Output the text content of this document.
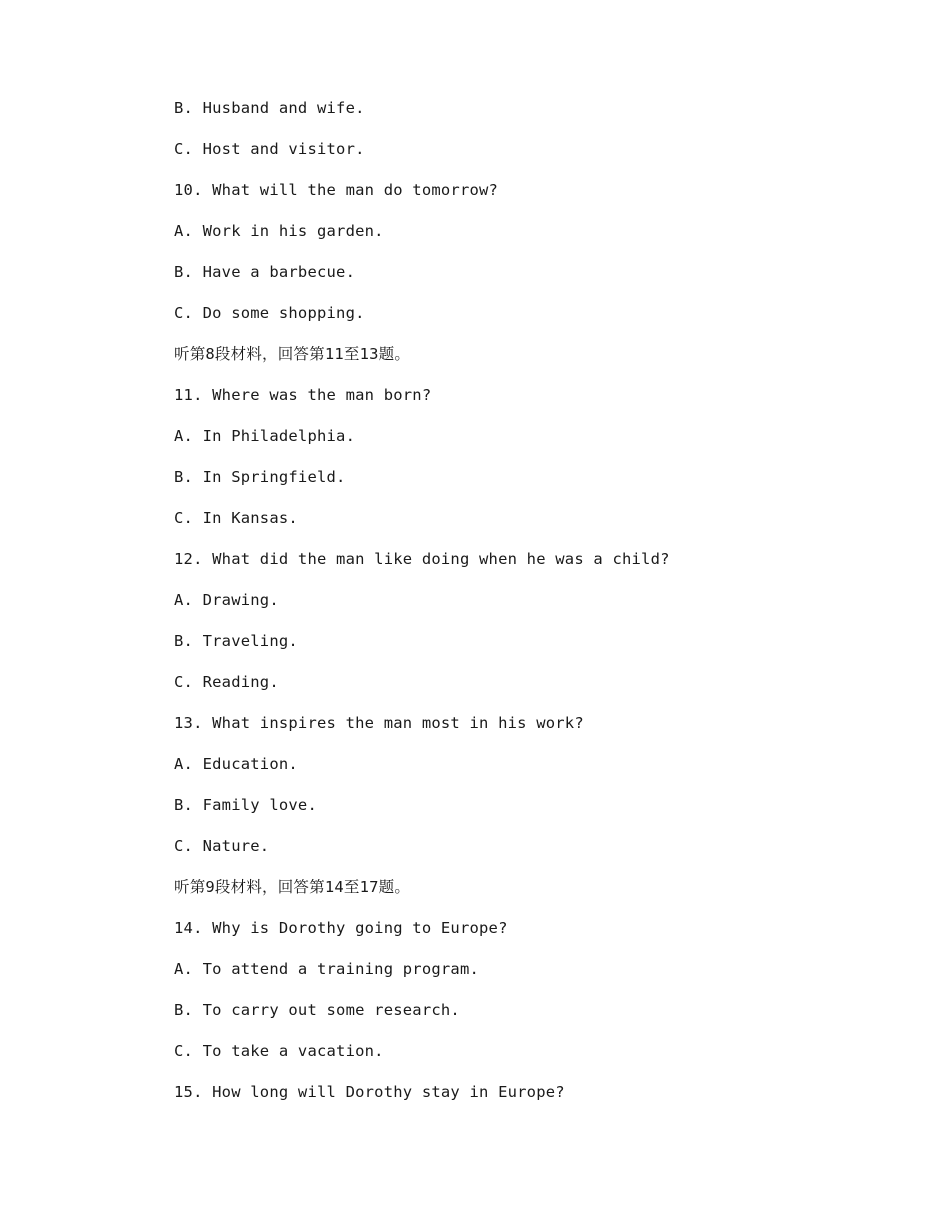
B. Husband and wife.
C. Host and visitor.
10. What will the man do tomorrow?
A. Work in his garden.
B. Have a barbecue.
C. Do some shopping.
听第8段材料，回答第11至13题。
11. Where was the man born?
A. In Philadelphia.
B. In Springfield.
C. In Kansas.
12. What did the man like doing when he was a child?
A. Drawing.
B. Traveling.
C. Reading.
13. What inspires the man most in his work?
A. Education.
B. Family love.
C. Nature.
听第9段材料，回答第14至17题。
14. Why is Dorothy going to Europe?
A. To attend a training program.
B. To carry out some research.
C. To take a vacation.
15. How long will Dorothy stay in Europe?
